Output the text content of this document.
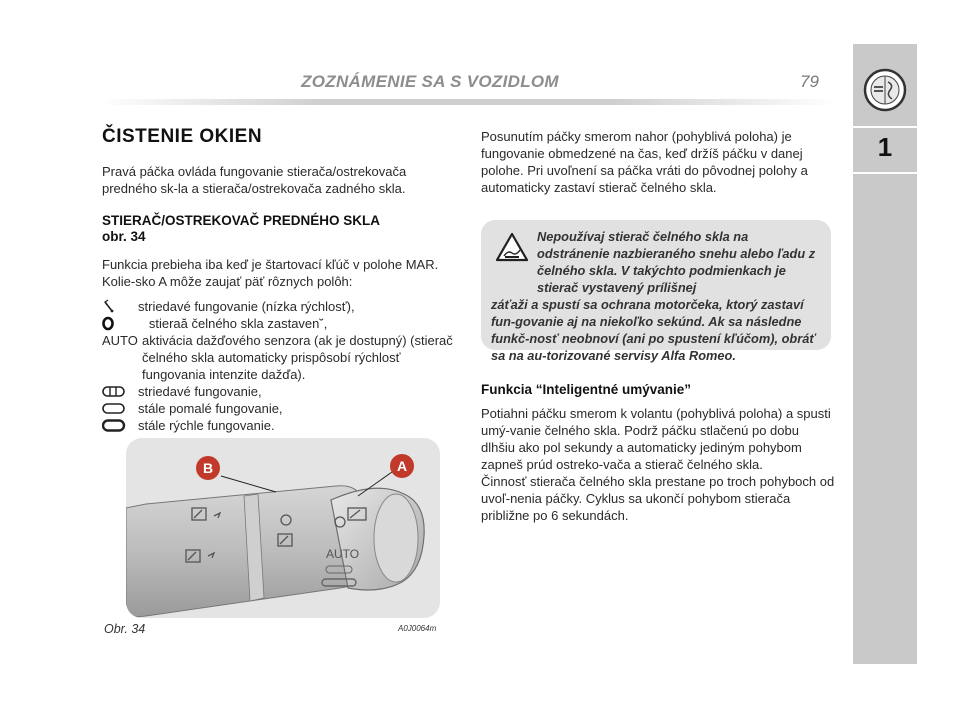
ZOZNÁMENIE SA S VOZIDLOM	79
1
ČISTENIE OKIEN
Pravá páčka ovláda fungovanie stierača/ostrekovača predného sk-la a stierača/ostrekovača zadného skla.
STIERAČ/OSTREKOVAČ PREDNÉHO SKLA
obr. 34
Funkcia prebieha iba keď je štartovací kľúč v polohe MAR. Kolie-sko A môže zaujať päť rôznych polôh:
striedavé fungovanie (nízka rýchlosť),
stieraă čelného skla zastaven˘,
AUTO aktivácia dažďového senzora (ak je dostupný) (stierač čelného skla automaticky prispôsobí rýchlosť fungovania intenzite dažďa).
striedavé fungovanie,
stále pomalé fungovanie,
stále rýchle fungovanie.
AUTO
B	A
Obr. 34	A0J0064m
Posunutím páčky smerom nahor (pohyblivá poloha) je fungovanie obmedzené na čas, keď držíš páčku v danej polohe. Pri uvoľnení sa páčka vráti do pôvodnej polohy a automaticky zastaví stierač čelného skla.
Nepoužívaj stierač čelného skla na odstránenie nazbieraného snehu alebo ľadu z čelného skla. V takýchto podmienkach je stierač vystavený prílišnej
záťaži a spustí sa ochrana motorčeka, ktorý zastaví fun-govanie aj na niekoľko sekúnd. Ak sa následne funkč-nosť neobnoví (ani po spustení kľúčom), obráť sa na au-torizované servisy Alfa Romeo.
Funkcia “Inteligentné umývanie”
Potiahni páčku smerom k volantu (pohyblivá poloha) a spusti umý-vanie čelného skla. Podrž páčku stlačenú po dobu dlhšiu ako pol sekundy a automaticky jediným pohybom zapneš prúd ostreko-vača a stierač čelného skla.
Činnosť stierača čelného skla prestane po troch pohyboch od uvoľ-nenia páčky. Cyklus sa ukončí pohybom stierača približne po 6 sekundách.
